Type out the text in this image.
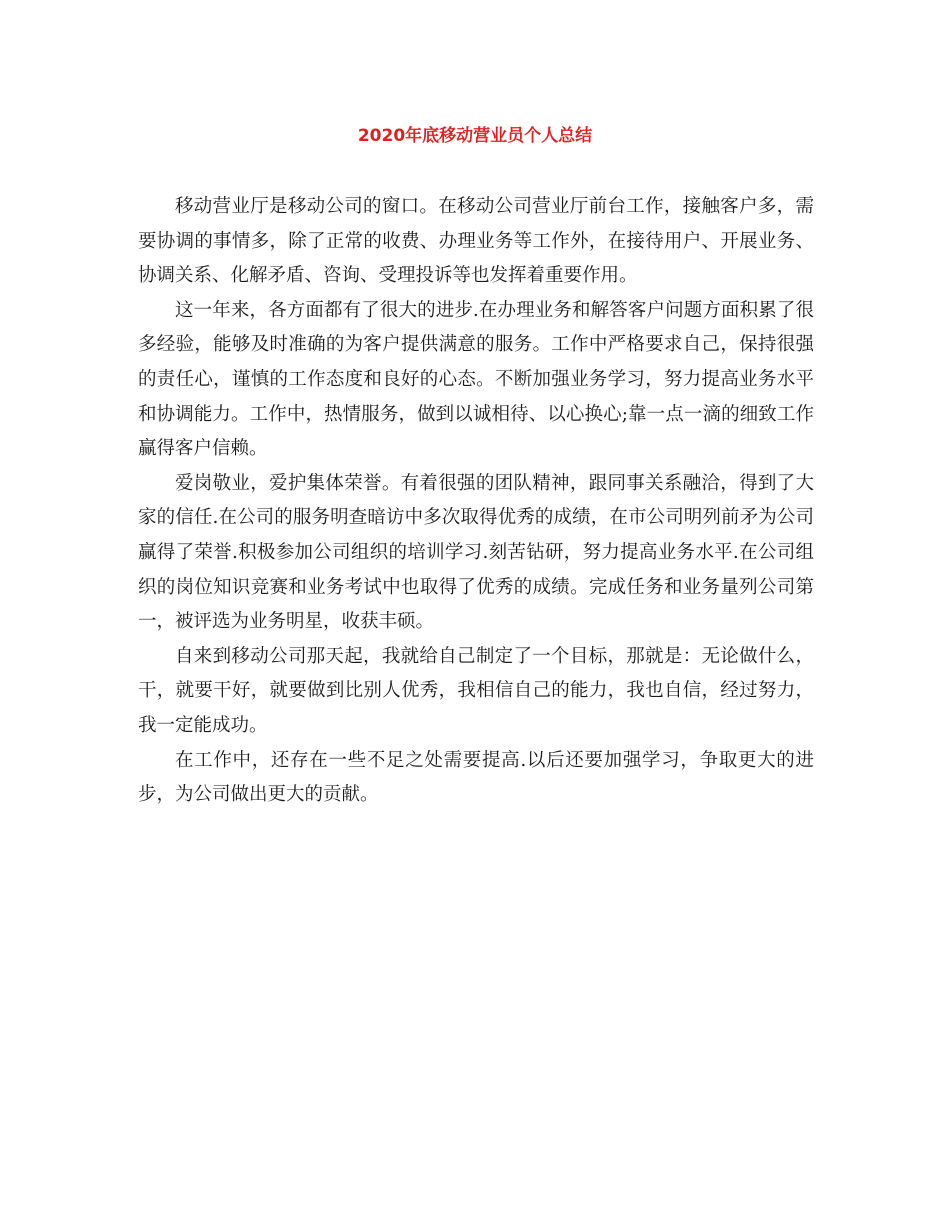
2020年底移动营业员个人总结

移动营业厅是移动公司的窗口。在移动公司营业厅前台工作，接触客户多，需要协调的事情多，除了正常的收费、办理业务等工作外，在接待用户、开展业务、协调关系、化解矛盾、咨询、受理投诉等也发挥着重要作用。

这一年来，各方面都有了很大的进步.在办理业务和解答客户问题方面积累了很多经验，能够及时准确的为客户提供满意的服务。工作中严格要求自己，保持很强的责任心，谨慎的工作态度和良好的心态。不断加强业务学习，努力提高业务水平和协调能力。工作中，热情服务，做到以诚相待、以心换心;靠一点一滴的细致工作赢得客户信赖。

爱岗敬业，爱护集体荣誉。有着很强的团队精神，跟同事关系融洽，得到了大家的信任.在公司的服务明查暗访中多次取得优秀的成绩，在市公司明列前矛为公司赢得了荣誉.积极参加公司组织的培训学习.刻苦钻研，努力提高业务水平.在公司组织的岗位知识竞赛和业务考试中也取得了优秀的成绩。完成任务和业务量列公司第一，被评选为业务明星，收获丰硕。

自来到移动公司那天起，我就给自己制定了一个目标，那就是：无论做什么，干，就要干好，就要做到比别人优秀，我相信自己的能力，我也自信，经过努力，我一定能成功。

在工作中，还存在一些不足之处需要提高.以后还要加强学习，争取更大的进步，为公司做出更大的贡献。
